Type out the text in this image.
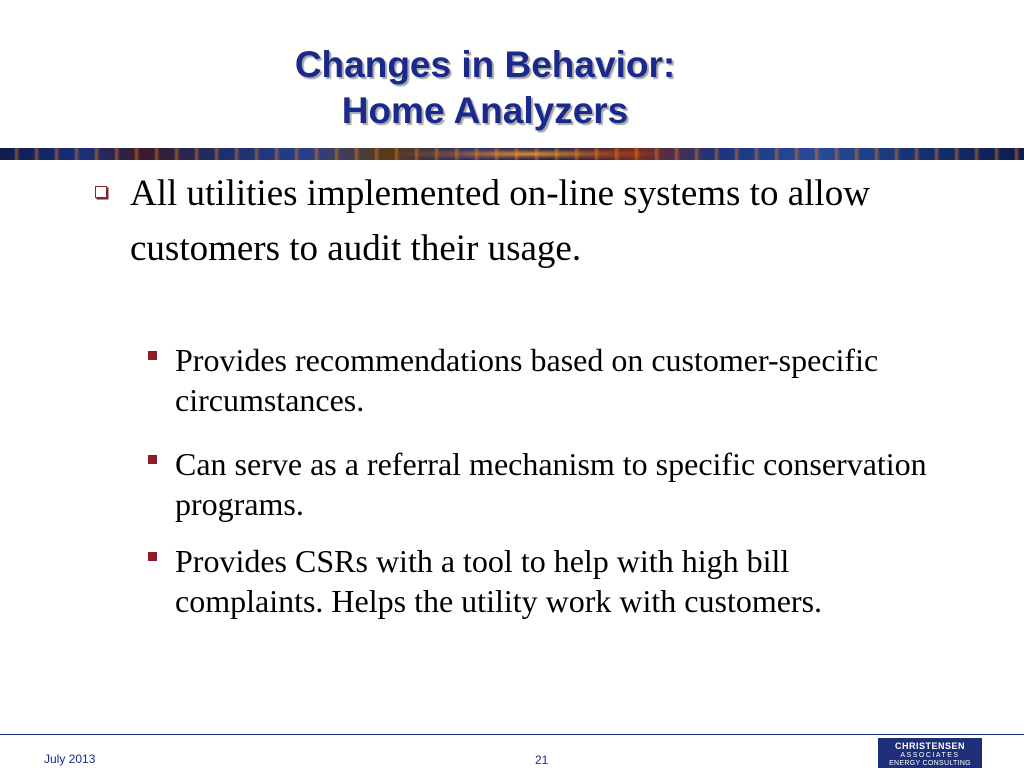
Changes in Behavior:
Home Analyzers
All utilities implemented on-line systems to allow customers to audit their usage.
Provides recommendations based on customer-specific circumstances.
Can serve as a referral mechanism to specific conservation programs.
Provides CSRs with a tool to help with high bill complaints. Helps the utility work with customers.
July 2013	21
CHRISTENSEN
ASSOCIATES
ENERGY CONSULTING
